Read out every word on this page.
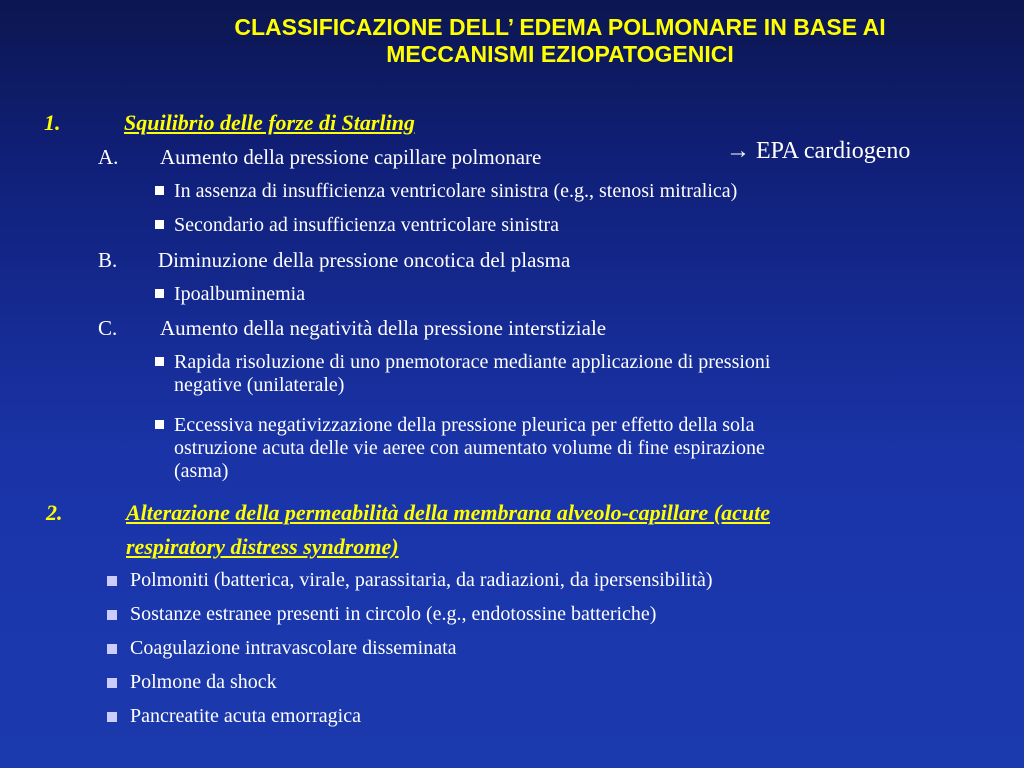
CLASSIFICAZIONE DELL’ EDEMA POLMONARE IN BASE AI
MECCANISMI EZIOPATOGENICI
1.	Squilibrio delle forze di Starling
→ EPA cardiogeno
A. Aumento della pressione capillare polmonare
In assenza di insufficienza ventricolare sinistra (e.g., stenosi mitralica)
Secondario ad insufficienza ventricolare sinistra
B. Diminuzione della pressione oncotica del plasma
Ipoalbuminemia
C. Aumento della negatività della pressione interstiziale
Rapida risoluzione di uno pnemotorace mediante applicazione di pressioni
negative (unilaterale)
Eccessiva negativizzazione della pressione pleurica per effetto della sola
ostruzione acuta delle vie aeree con aumentato volume di fine espirazione
(asma)
2.	Alterazione della permeabilità della membrana alveolo-capillare (acute
respiratory distress syndrome)
Polmoniti (batterica, virale, parassitaria, da radiazioni, da ipersensibilità)
Sostanze estranee presenti in circolo (e.g., endotossine batteriche)
Coagulazione intravascolare disseminata
Polmone da shock
Pancreatite acuta emorragica
